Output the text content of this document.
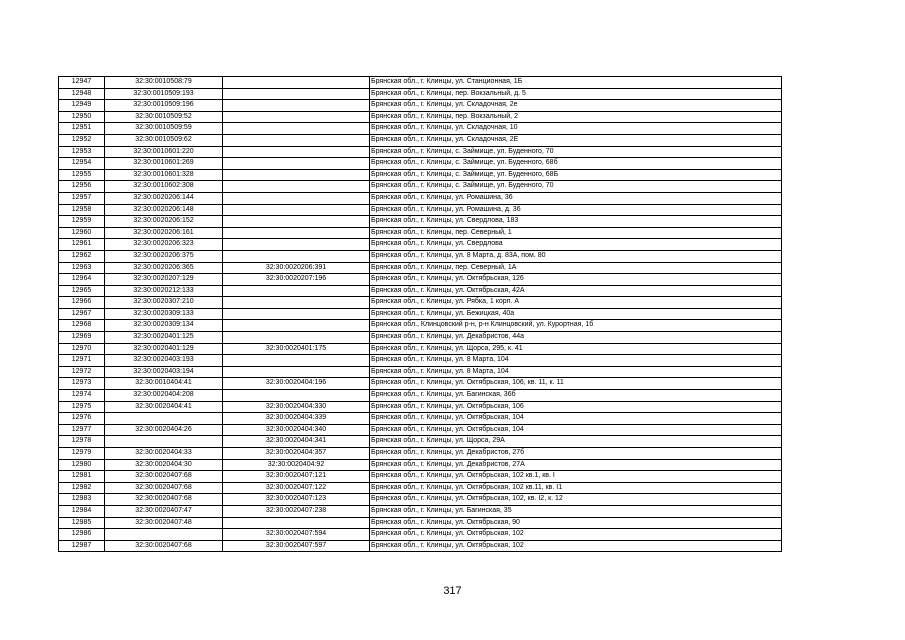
12947	32:30:0010508:79		Брянская обл., г. Клинцы, ул. Станционная, 1Б
12948	32:30:0010509:193		Брянская обл., г. Клинцы, пер. Вокзальный, д. 5
12949	32:30:0010509:196		Брянская обл., г. Клинцы, ул. Складочная, 2е
12950	32:30:0010509:52		Брянская обл., г. Клинцы, пер. Вокзальный, 2
12951	32:30:0010509:59		Брянская обл., г. Клинцы, ул. Складочная, 10
12952	32:30:0010509:62		Брянская обл., г. Клинцы, ул. Складочная, 2Е
12953	32:30:0010601:220		Брянская обл., г. Клинцы, с. Займище, ул. Буденного, 70
12954	32:30:0010601:269		Брянская обл., г. Клинцы, с. Займище, ул. Буденного, 68б
12955	32:30:0010601:328		Брянская обл., г. Клинцы, с. Займище, ул. Буденного, 68Б
12956	32:30:0010602:308		Брянская обл., г. Клинцы, с. Займище, ул. Буденного, 70
12957	32:30:0020206:144		Брянская обл., г. Клинцы, ул. Ромашина, 36
12958	32:30:0020206:148		Брянская обл., г. Клинцы, ул. Ромашина, д. 36
12959	32:30:0020206:152		Брянская обл., г. Клинцы, ул. Свердлова, 183
12960	32:30:0020206:161		Брянская обл., г. Клинцы, пер. Северный, 1
12961	32:30:0020206:323		Брянская обл., г. Клинцы, ул. Свердлова
12962	32:30:0020206:375		Брянская обл., г. Клинцы, ул. 8 Марта, д. 83А, пом. 80
12963	32:30:0020206:365	32:30:0020206:391	Брянская обл., г. Клинцы, пер. Северный, 1А
12964	32:30:0020207:129	32:30:0020207:196	Брянская обл., г. Клинцы, ул. Октябрьская, 126
12965	32:30:0020212:133		Брянская обл., г. Клинцы, ул. Октябрьская, 42А
12966	32:30:0020307:210		Брянская обл., г. Клинцы, ул. Рябка, 1 корп. А
12967	32:30:0020309:133		Брянская обл., г. Клинцы, ул. Бежицкая, 40а
12968	32:30:0020309:134		Брянская обл., Клинцовский р-н, р-н Клинцовский, ул. Курортная, 1б
12969	32:30:0020401:125		Брянская обл., г. Клинцы, ул. Декабристов, 44а
12970	32:30:0020401:129	32:30:0020401:175	Брянская обл., г. Клинцы, ул. Щорса, 295, к. 41
12971	32:30:0020403:193		Брянская обл., г. Клинцы, ул. 8 Марта, 104
12972	32:30:0020403:194		Брянская обл., г. Клинцы, ул. 8 Марта, 104
12973	32:30:0010404:41	32:30:0020404:196	Брянская обл., г. Клинцы, ул. Октябрьская, 106, кв. 11, к. 11
12974	32:30:0020404:208		Брянская обл., г. Клинцы, ул. Багинская, 36б
12975	32:30:0020404:41	32:30:0020404:330	Брянская обл., г. Клинцы, ул. Октябрьская, 106
12976		32:30:0020404:339	Брянская обл., г. Клинцы, ул. Октябрьская, 104
12977	32:30:0020404:26	32:30:0020404:340	Брянская обл., г. Клинцы, ул. Октябрьская, 104
12978		32:30:0020404:341	Брянская обл., г. Клинцы, ул. Щорса, 29А
12979	32:30:0020404:33	32:30:0020404:357	Брянская обл., г. Клинцы, ул. Декабристов, 27б
12980	32:30:0020404:30	32:30:0020404:92	Брянская обл., г. Клинцы, ул. Декабристов, 27А
12981	32:30:0020407:68	32:30:0020407:121	Брянская обл., г. Клинцы, ул. Октябрьская, 102 кв.1, кв. I
12982	32:30:0020407:68	32:30:0020407:122	Брянская обл., г. Клинцы, ул. Октябрьская, 102 кв.11, кв. I1
12983	32:30:0020407:68	32:30:0020407:123	Брянская обл., г. Клинцы, ул. Октябрьская, 102, кв. I2, к. 12
12984	32:30:0020407:47	32:30:0020407:238	Брянская обл., г. Клинцы, ул. Багинская, 35
12985	32:30:0020407:48		Брянская обл., г. Клинцы, ул. Октябрьская, 90
12986		32:30:0020407:594	Брянская обл., г. Клинцы, ул. Октябрьская, 102
12987	32:30:0020407:68	32:30:0020407:597	Брянская обл., г. Клинцы, ул. Октябрьская, 102
317
